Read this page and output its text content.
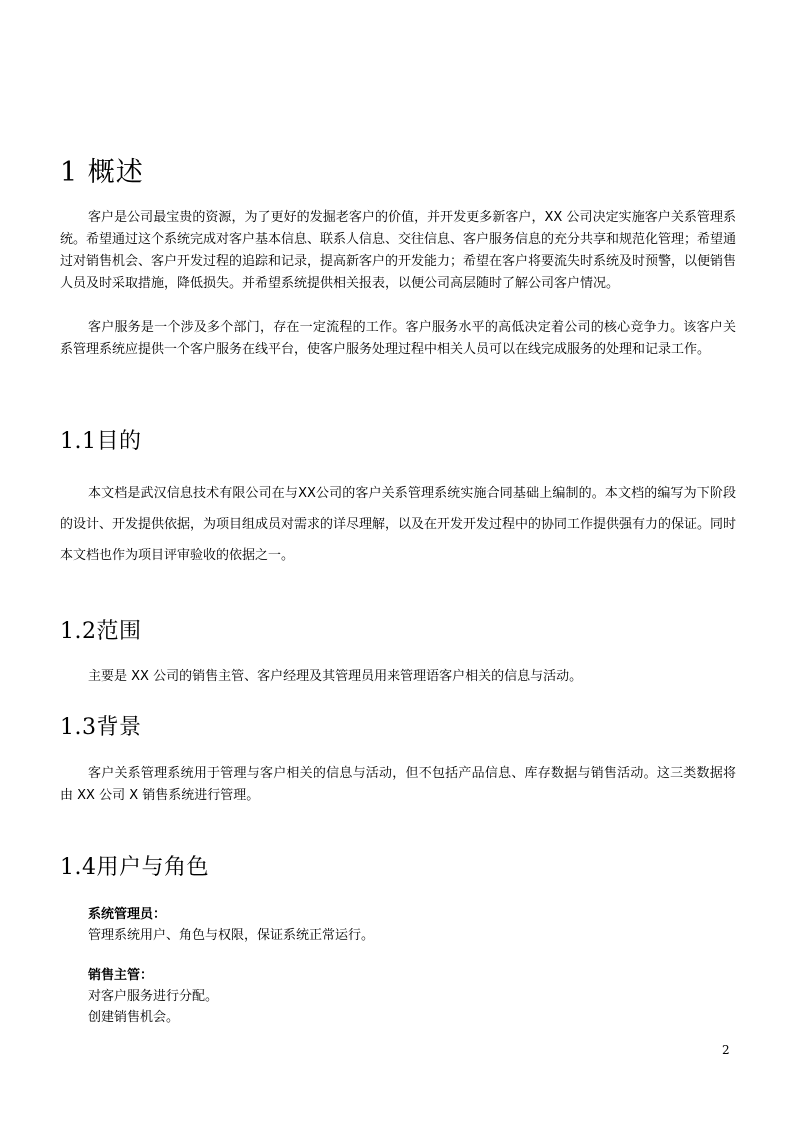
1 概述

客户是公司最宝贵的资源，为了更好的发掘老客户的价值，并开发更多新客户，XX 公司决定实施客户关系管理系统。希望通过这个系统完成对客户基本信息、联系人信息、交往信息、客户服务信息的充分共享和规范化管理；希望通过对销售机会、客户开发过程的追踪和记录，提高新客户的开发能力；希望在客户将要流失时系统及时预警，以便销售人员及时采取措施，降低损失。并希望系统提供相关报表，以便公司高层随时了解公司客户情况。

客户服务是一个涉及多个部门，存在一定流程的工作。客户服务水平的高低决定着公司的核心竞争力。该客户关系管理系统应提供一个客户服务在线平台，使客户服务处理过程中相关人员可以在线完成服务的处理和记录工作。

1.1目的

本文档是武汉信息技术有限公司在与XX公司的客户关系管理系统实施合同基础上编制的。本文档的编写为下阶段的设计、开发提供依据，为项目组成员对需求的详尽理解，以及在开发开发过程中的协同工作提供强有力的保证。同时本文档也作为项目评审验收的依据之一。

1.2范围

主要是 XX 公司的销售主管、客户经理及其管理员用来管理语客户相关的信息与活动。

1.3背景

客户关系管理系统用于管理与客户相关的信息与活动，但不包括产品信息、库存数据与销售活动。这三类数据将由 XX 公司 X 销售系统进行管理。

1.4用户与角色
系统管理员：
管理系统用户、角色与权限，保证系统正常运行。
销售主管：
对客户服务进行分配。
创建销售机会。
2
